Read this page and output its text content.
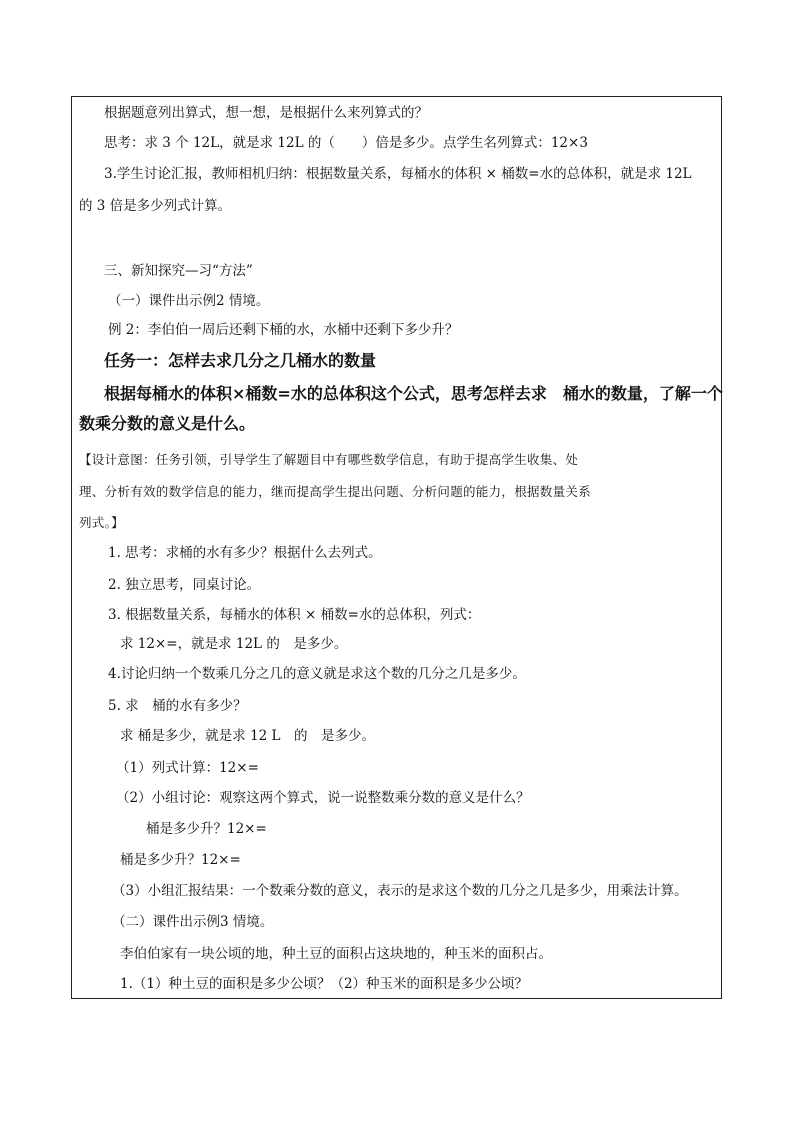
根据题意列出算式，想一想，是根据什么来列算式的？
思考：求 3 个 12L，就是求 12L 的（　　）倍是多少。点学生名列算式：12×3
3.学生讨论汇报，教师相机归纳：根据数量关系，每桶水的体积 × 桶数=水的总体积，就是求 12L
的 3 倍是多少列式计算。
三、新知探究—习“方法”
（一）课件出示例2 情境。
例 2：李伯伯一周后还剩下桶的水，水桶中还剩下多少升？
任务一：怎样去求几分之几桶水的数量
根据每桶水的体积×桶数=水的总体积这个公式，思考怎样去求　桶水的数量，了解一个
数乘分数的意义是什么。
【设计意图：任务引领，引导学生了解题目中有哪些数学信息，有助于提高学生收集、处
理、分析有效的数学信息的能力，继而提高学生提出问题、分析问题的能力，根据数量关系
列式。】
1. 思考：求桶的水有多少？根据什么去列式。
2. 独立思考，同桌讨论。
3. 根据数量关系，每桶水的体积 × 桶数=水的总体积，列式：
求 12×=，就是求 12L 的　是多少。
4.讨论归纳一个数乘几分之几的意义就是求这个数的几分之几是多少。
5. 求　桶的水有多少？
求 桶是多少，就是求 12 L　的　是多少。
（1）列式计算：12×=
（2）小组讨论：观察这两个算式，说一说整数乘分数的意义是什么？
桶是多少升？12×=
桶是多少升？12×=
（3）小组汇报结果：一个数乘分数的意义，表示的是求这个数的几分之几是多少，用乘法计算。
（二）课件出示例3 情境。
李伯伯家有一块公顷的地，种土豆的面积占这块地的，种玉米的面积占。
1.（1）种土豆的面积是多少公顷？（2）种玉米的面积是多少公顷？
